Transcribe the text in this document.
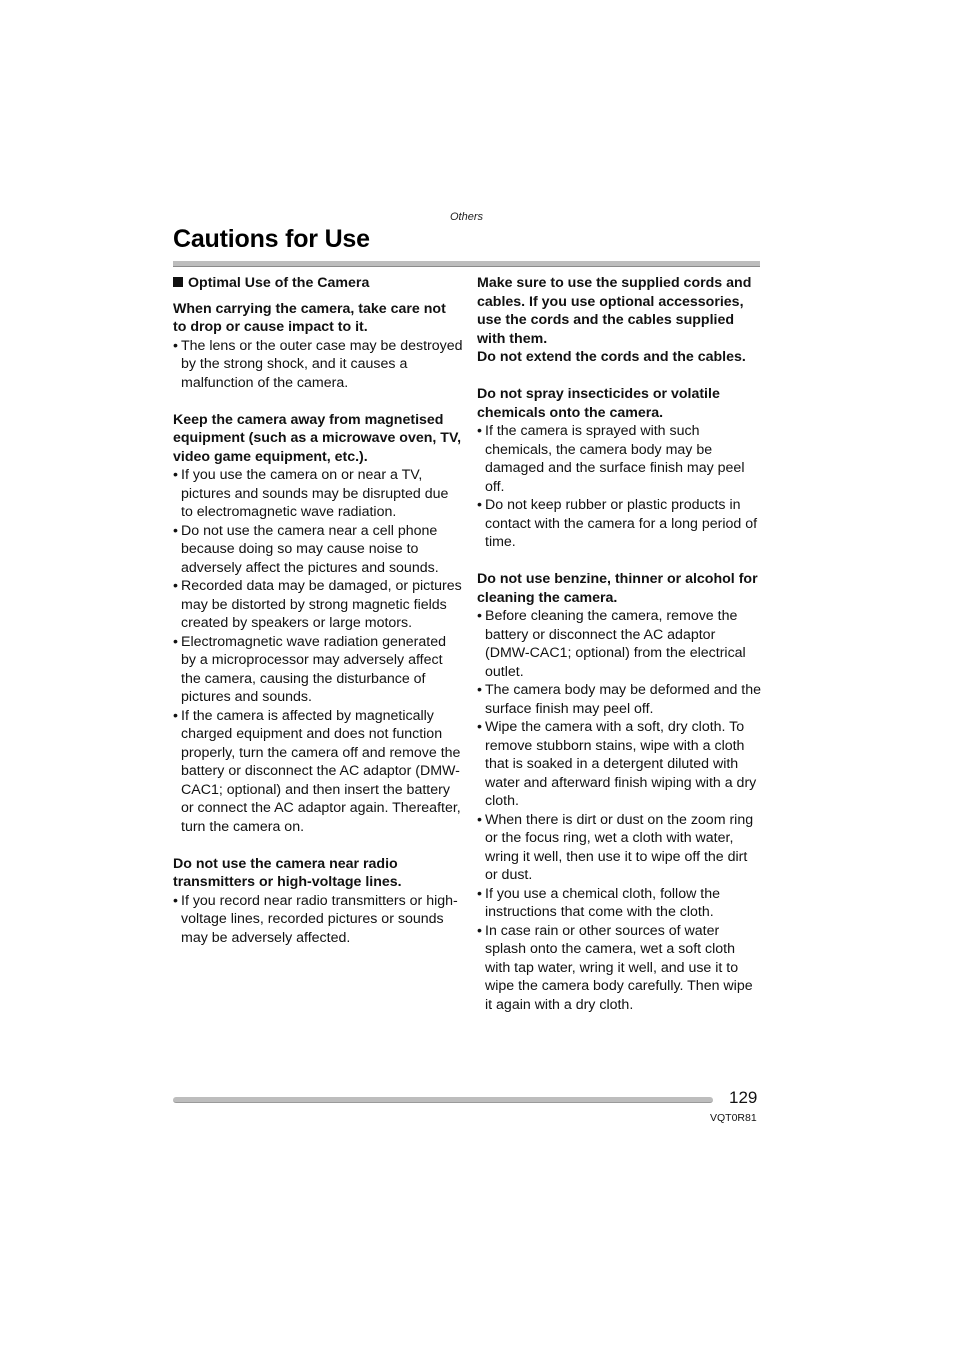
Others
Cautions for Use

Optimal Use of the Camera

When carrying the camera, take care not to drop or cause impact to it.

• The lens or the outer case may be destroyed by the strong shock, and it causes a malfunction of the camera.

Keep the camera away from magnetised equipment (such as a microwave oven, TV, video game equipment, etc.).

• If you use the camera on or near a TV, pictures and sounds may be disrupted due to electromagnetic wave radiation.
• Do not use the camera near a cell phone because doing so may cause noise to adversely affect the pictures and sounds.
• Recorded data may be damaged, or pictures may be distorted by strong magnetic fields created by speakers or large motors.
• Electromagnetic wave radiation generated by a microprocessor may adversely affect the camera, causing the disturbance of pictures and sounds.
• If the camera is affected by magnetically charged equipment and does not function properly, turn the camera off and remove the battery or disconnect the AC adaptor (DMW-CAC1; optional) and then insert the battery or connect the AC adaptor again. Thereafter, turn the camera on.

Do not use the camera near radio transmitters or high-voltage lines.

• If you record near radio transmitters or high-voltage lines, recorded pictures or sounds may be adversely affected.

Make sure to use the supplied cords and cables. If you use optional accessories, use the cords and the cables supplied with them.

Do not extend the cords and the cables.

Do not spray insecticides or volatile chemicals onto the camera.

• If the camera is sprayed with such chemicals, the camera body may be damaged and the surface finish may peel off.
• Do not keep rubber or plastic products in contact with the camera for a long period of time.

Do not use benzine, thinner or alcohol for cleaning the camera.

• Before cleaning the camera, remove the battery or disconnect the AC adaptor (DMW-CAC1; optional) from the electrical outlet.
• The camera body may be deformed and the surface finish may peel off.
• Wipe the camera with a soft, dry cloth. To remove stubborn stains, wipe with a cloth that is soaked in a detergent diluted with water and afterward finish wiping with a dry cloth.
• When there is dirt or dust on the zoom ring or the focus ring, wet a cloth with water, wring it well, then use it to wipe off the dirt or dust.
• If you use a chemical cloth, follow the instructions that come with the cloth.
• In case rain or other sources of water splash onto the camera, wet a soft cloth with tap water, wring it well, and use it to wipe the camera body carefully. Then wipe it again with a dry cloth.
129
VQT0R81
